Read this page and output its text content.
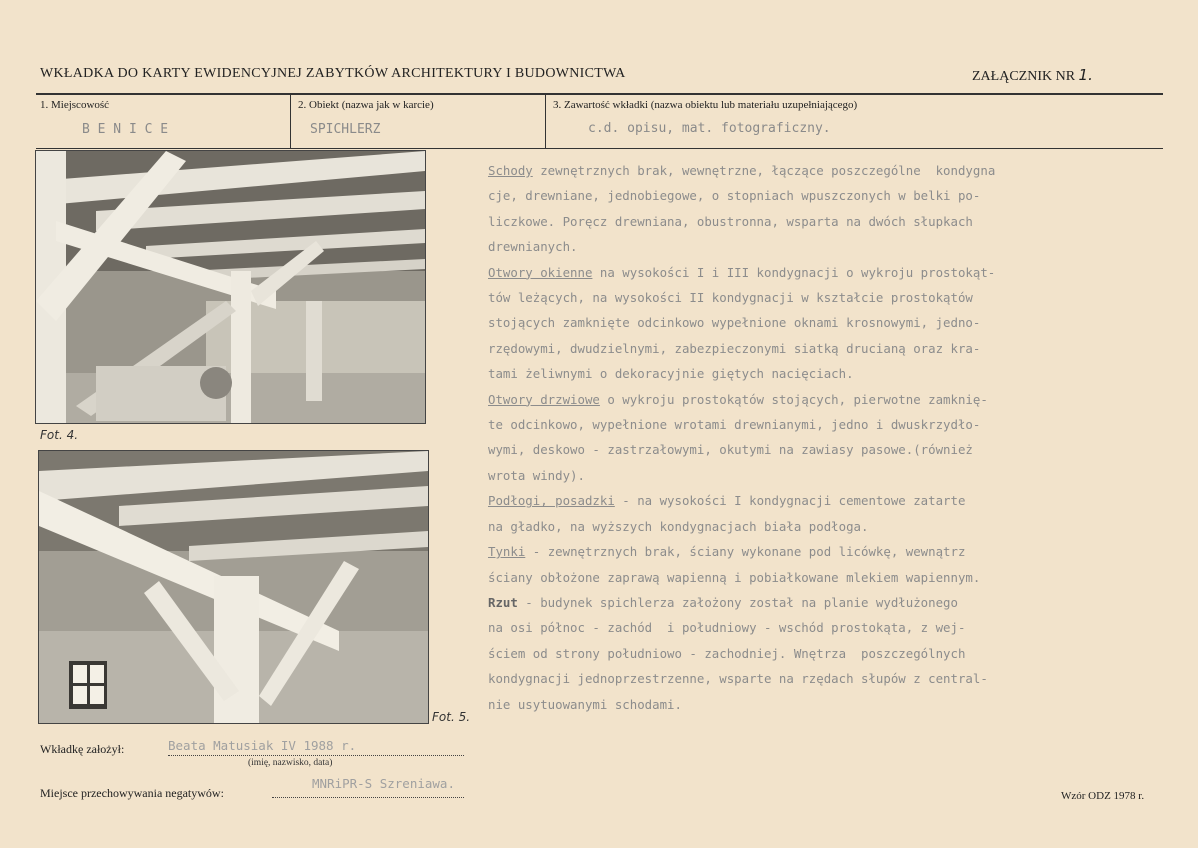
WKŁADKA DO KARTY EWIDENCYJNEJ ZABYTKÓW ARCHITEKTURY I BUDOWNICTWA	ZAŁĄCZNIK NR 1.
1. Miejscowość
B E N I C E
2. Obiekt (nazwa jak w karcie)
SPICHLERZ
3. Zawartość wkładki (nazwa obiektu lub materiału uzupełniającego)
c.d. opisu, mat. fotograficzny.
Fot. 4.
Fot. 5.
Schody zewnętrznych brak, wewnętrzne, łączące poszczególne  kondygna
cje, drewniane, jednobiegowe, o stopniach wpuszczonych w belki po-
liczkowe. Poręcz drewniana, obustronna, wsparta na dwóch słupkach
drewnianych.
Otwory okienne na wysokości I i III kondygnacji o wykroju prostokąt-
tów leżących, na wysokości II kondygnacji w kształcie prostokątów
stojących zamknięte odcinkowo wypełnione oknami krosnowymi, jedno-
rzędowymi, dwudzielnymi, zabezpieczonymi siatką drucianą oraz kra-
tami żeliwnymi o dekoracyjnie giętych nacięciach.
Otwory drzwiowe o wykroju prostokątów stojących, pierwotne zamknię-
te odcinkowo, wypełnione wrotami drewnianymi, jedno i dwuskrzydło-
wymi, deskowo - zastrzałowymi, okutymi na zawiasy pasowe.(również
wrota windy).
Podłogi, posadzki - na wysokości I kondygnacji cementowe zatarte
na gładko, na wyższych kondygnacjach biała podłoga.
Tynki - zewnętrznych brak, ściany wykonane pod licówkę, wewnątrz
ściany obłożone zaprawą wapienną i pobiałkowane mlekiem wapiennym.
Rzut - budynek spichlerza założony został na planie wydłużonego
na osi północ - zachód  i południowy - wschód prostokąta, z wej-
ściem od strony południowo - zachodniej. Wnętrza  poszczególnych
kondygnacji jednoprzestrzenne, wsparte na rzędach słupów z central-
nie usytuowanymi schodami.
Wkładkę założył:	Beata Matusiak IV 1988 r.
(imię, nazwisko, data)
Miejsce przechowywania negatywów:
MNRiPR-S Szreniawa.
Wzór ODZ 1978 r.
